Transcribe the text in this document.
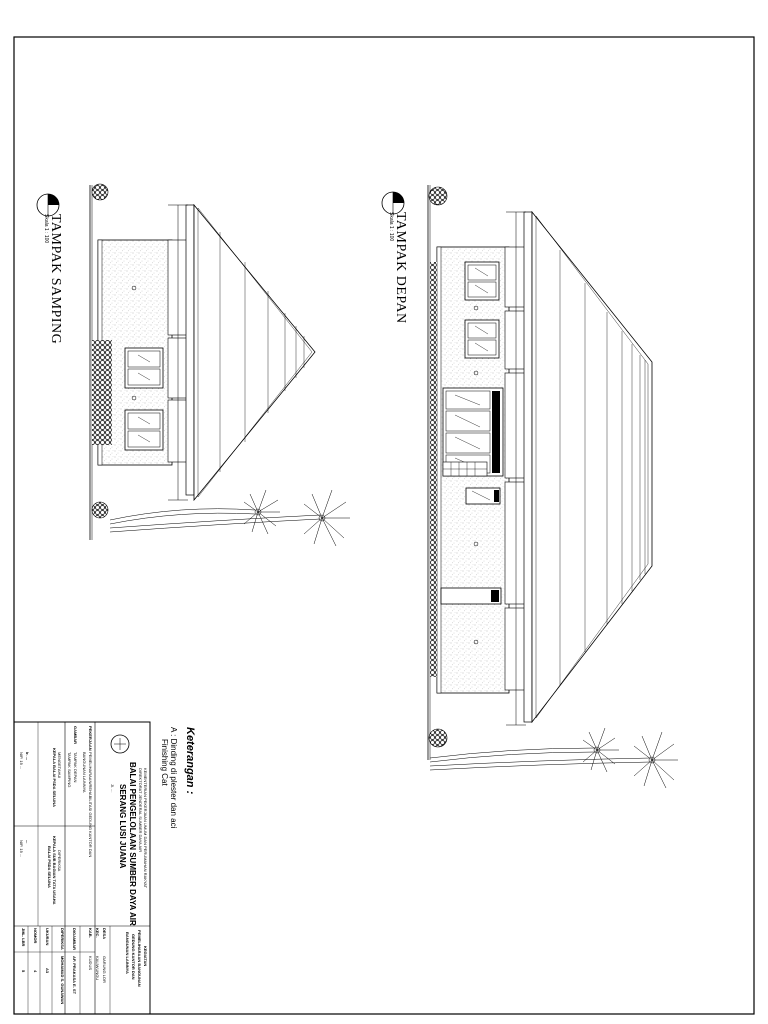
TAMPAK SAMPING
Skala 1 : 100	TAMPAK DEPAN
Skala 1 : 100
Keterangan :
A : Dinding di plester dan aci
Finishing Cat
KEMENTERIAN PEKERJAAN UMUM DAN PERUMAHAN RAKYAT
DIREKTORAT JENDERAL SUMBER DAYA AIR
BALAI PENGELOLAAN SUMBER DAYA AIR
SERANG LUSI JUANA
Jl. ...
PEKERJAAN
PEMELIHARAAN/REHABILITASI GEDUNG KANTOR DAN
BANGUNAN LAINNYA
GAMBAR
TAMPAK DEPAN
TAMPAK SAMPING
MENGETAHUI
KEPALA BALAI PSDA SELUNA
Ir. ...
NIP. 19 ...
DIPERIKSA
KEPALA SUB BAGIAN TATA USAHA
BALAI PSDA SELUNA
...
NIP. 19 ...
KEGIATAN
PEMELIHARAAN BANGUNAN
GEDUNG KANTOR DAN
BANGUNAN LAINNYA
DESA
GARUNG LOR
KEC.
KALIWUNGU
KAB.
KUDUS
DIGAMBAR
AP. PRAKASA E. ST
DIPERIKSA
MOHAMAD S. GUNAWAN
UKURAN
A3
NOMOR
4
JML. LBR
5
